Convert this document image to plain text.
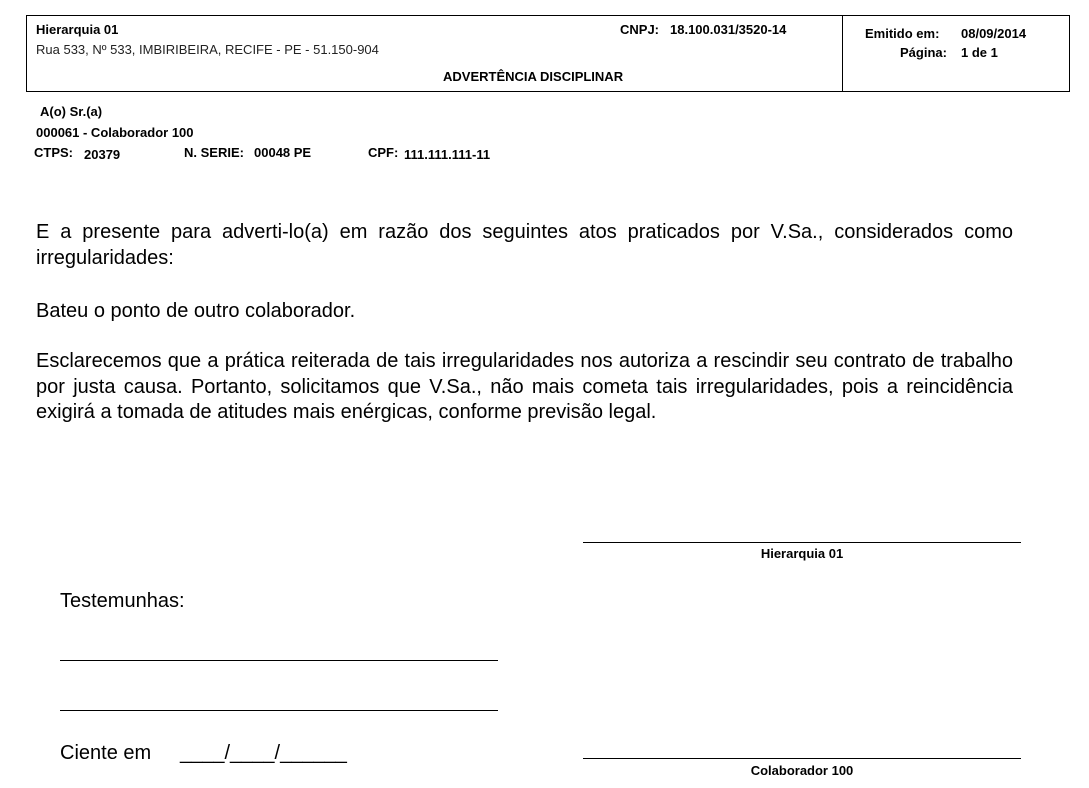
Hierarquia 01
Rua 533, Nº 533, IMBIRIBEIRA, RECIFE - PE - 51.150-904
CNPJ: 18.100.031/3520-14
ADVERTÊNCIA DISCIPLINAR
Emitido em: 08/09/2014
Página: 1 de 1
A(o) Sr.(a)
000061 - Colaborador 100
CTPS: 20379	N. SERIE: 00048 PE	CPF: 111.111.111-11

E a presente para adverti-lo(a) em razão dos seguintes atos praticados por V.Sa., considerados como irregularidades:

Bateu o ponto de outro colaborador.

Esclarecemos que a prática reiterada de tais irregularidades nos autoriza a rescindir seu contrato de trabalho por justa causa. Portanto, solicitamos que V.Sa., não mais cometa tais irregularidades, pois a reincidência exigirá a tomada de atitudes mais enérgicas, conforme previsão legal.

Hierarquia 01
Testemunhas:
Ciente em ____/____/______
Colaborador 100
